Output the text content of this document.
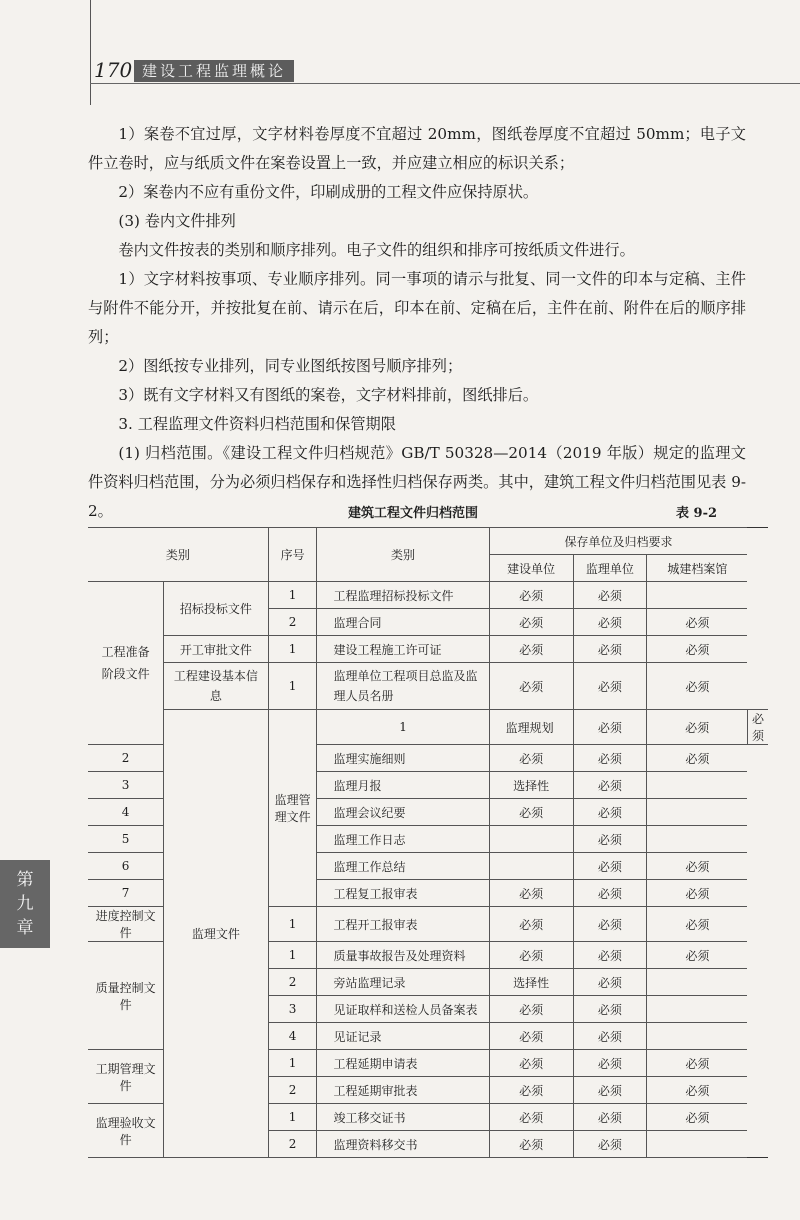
170 建设工程监理概论
第
九
章

1）案卷不宜过厚，文字材料卷厚度不宜超过 20mm，图纸卷厚度不宜超过 50mm；电子文件立卷时，应与纸质文件在案卷设置上一致，并应建立相应的标识关系；

2）案卷内不应有重份文件，印刷成册的工程文件应保持原状。

(3) 卷内文件排列

卷内文件按表的类别和顺序排列。电子文件的组织和排序可按纸质文件进行。

1）文字材料按事项、专业顺序排列。同一事项的请示与批复、同一文件的印本与定稿、主件与附件不能分开，并按批复在前、请示在后，印本在前、定稿在后，主件在前、附件在后的顺序排列；

2）图纸按专业排列，同专业图纸按图号顺序排列；

3）既有文字材料又有图纸的案卷，文字材料排前，图纸排后。

3. 工程监理文件资料归档范围和保管期限

(1) 归档范围。《建设工程文件归档规范》GB/T 50328—2014（2019 年版）规定的监理文件资料归档范围，分为必须归档保存和选择性归档保存两类。其中，建筑工程文件归档范围见表 9-2。	建筑工程文件归档范围	表 9-2
类别		序号	类别	保存单位及归档要求			
				建设单位	监理单位	城建档案馆	
工程准备
阶段文件	招标投标文件	1	工程监理招标投标文件	必须	必须		
		2	监理合同	必须	必须	必须	
	开工审批文件	1	建设工程施工许可证	必须	必须	必须	
	工程建设基本信息	1	监理单位工程项目总监及监理人员名册	必须	必须	必须	
	监理文件	监理管理文件	1	监理规划	必须	必须	必须
2			监理实施细则	必须	必须	必须	
3			监理月报	选择性	必须		
4			监理会议纪要	必须	必须		
5			监理工作日志		必须		
6			监理工作总结		必须	必须	
7			工程复工报审表	必须	必须	必须	
进度控制文件		1	工程开工报审表	必须	必须	必须	
质量控制文件		1	质量事故报告及处理资料	必须	必须	必须	
		2	旁站监理记录	选择性	必须		
		3	见证取样和送检人员备案表	必须	必须		
		4	见证记录	必须	必须		
工期管理文件		1	工程延期申请表	必须	必须	必须	
		2	工程延期审批表	必须	必须	必须	
监理验收文件		1	竣工移交证书	必须	必须	必须	
		2	监理资料移交书	必须	必须		
